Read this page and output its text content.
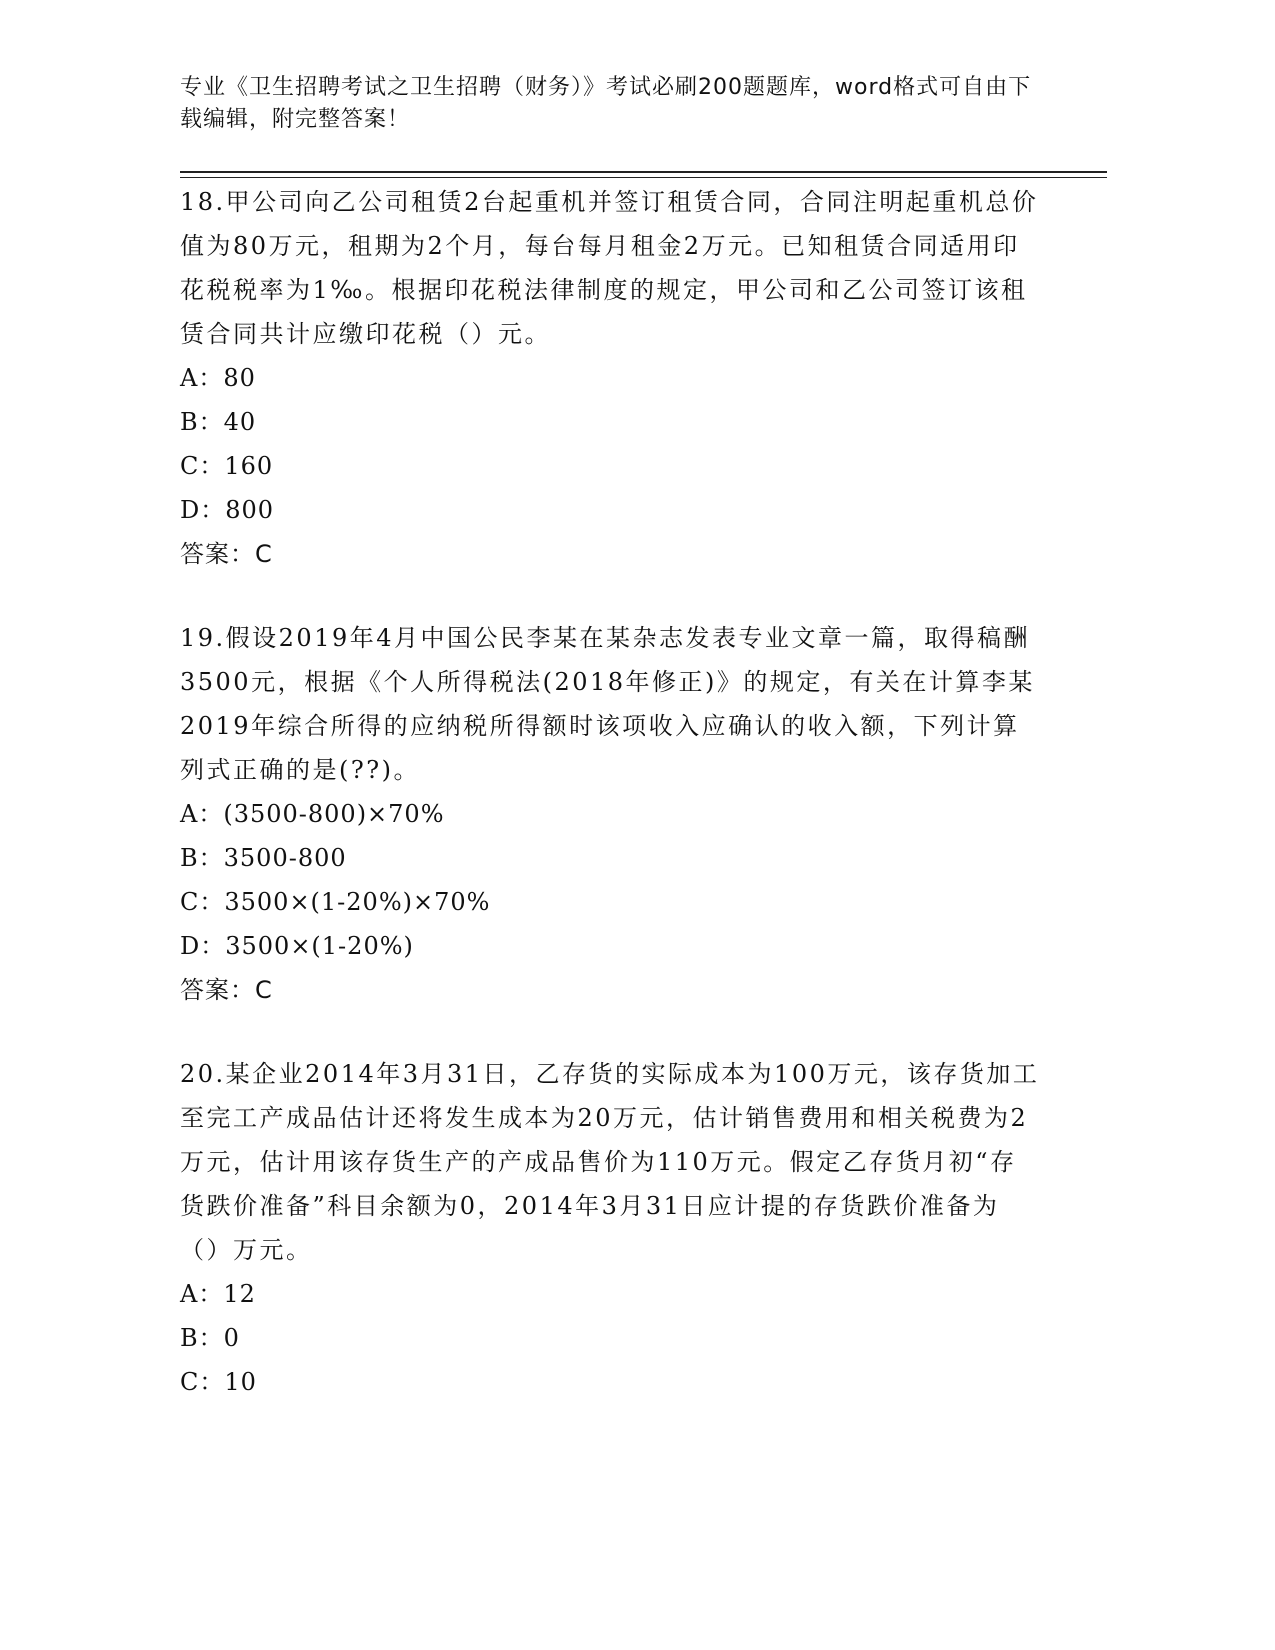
专业《卫生招聘考试之卫生招聘（财务）》考试必刷200题题库，word格式可自由下载编辑，附完整答案！

18.甲公司向乙公司租赁2台起重机并签订租赁合同，合同注明起重机总价值为80万元，租期为2个月，每台每月租金2万元。已知租赁合同适用印花税税率为1‰。根据印花税法律制度的规定，甲公司和乙公司签订该租赁合同共计应缴印花税（）元。

A：80

B：40

C：160

D：800

答案：C

19.假设2019年4月中国公民李某在某杂志发表专业文章一篇，取得稿酬3500元，根据《个人所得税法(2018年修正)》的规定，有关在计算李某2019年综合所得的应纳税所得额时该项收入应确认的收入额，下列计算列式正确的是(??)。

A：(3500-800)×70%

B：3500-800

C：3500×(1-20%)×70%

D：3500×(1-20%)

答案：C

20.某企业2014年3月31日，乙存货的实际成本为100万元，该存货加工至完工产成品估计还将发生成本为20万元，估计销售费用和相关税费为2万元，估计用该存货生产的产成品售价为110万元。假定乙存货月初“存货跌价准备”科目余额为0，2014年3月31日应计提的存货跌价准备为（）万元。

A：12

B：0

C：10
